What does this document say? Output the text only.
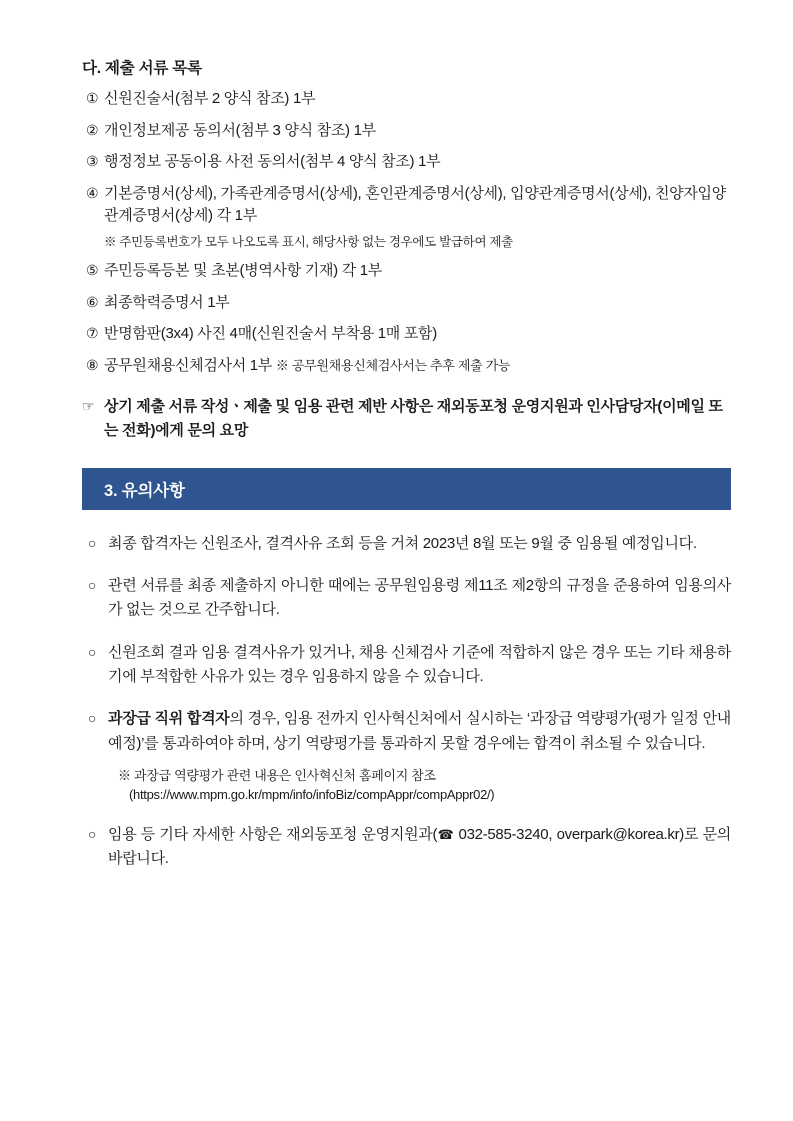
다. 제출 서류 목록
① 신원진술서(첨부 2 양식 참조) 1부
② 개인정보제공 동의서(첨부 3 양식 참조) 1부
③ 행정정보 공동이용 사전 동의서(첨부 4 양식 참조) 1부
④ 기본증명서(상세), 가족관계증명서(상세), 혼인관계증명서(상세), 입양관계증명서(상세), 친양자입양관계증명서(상세) 각 1부
※ 주민등록번호가 모두 나오도록 표시, 해당사항 없는 경우에도 발급하여 제출
⑤ 주민등록등본 및 초본(병역사항 기재) 각 1부
⑥ 최종학력증명서 1부
⑦ 반명함판(3x4) 사진 4매(신원진술서 부착용 1매 포함)
⑧ 공무원채용신체검사서 1부 ※ 공무원채용신체검사서는 추후 제출 가능
☞ 상기 제출 서류 작성ㆍ제출 및 임용 관련 제반 사항은 재외동포청 운영지원과 인사담당자(이메일 또는 전화)에게 문의 요망
3. 유의사항
○ 최종 합격자는 신원조사, 결격사유 조회 등을 거쳐 2023년 8월 또는 9월 중 임용될 예정입니다.
○ 관련 서류를 최종 제출하지 아니한 때에는 공무원임용령 제11조 제2항의 규정을 준용하여 임용의사가 없는 것으로 간주합니다.
○ 신원조회 결과 임용 결격사유가 있거나, 채용 신체검사 기준에 적합하지 않은 경우 또는 기타 채용하기에 부적합한 사유가 있는 경우 임용하지 않을 수 있습니다.
○ 과장급 직위 합격자의 경우, 임용 전까지 인사혁신처에서 실시하는 ‘과장급 역량평가(평가 일정 안내 예정)’를 통과하여야 하며, 상기 역량평가를 통과하지 못할 경우에는 합격이 취소될 수 있습니다.
※ 과장급 역량평가 관련 내용은 인사혁신처 홈페이지 참조
(https://www.mpm.go.kr/mpm/info/infoBiz/compAppr/compAppr02/)
○ 임용 등 기타 자세한 사항은 재외동포청 운영지원과(☎ 032-585-3240, overpark@korea.kr)로 문의 바랍니다.
